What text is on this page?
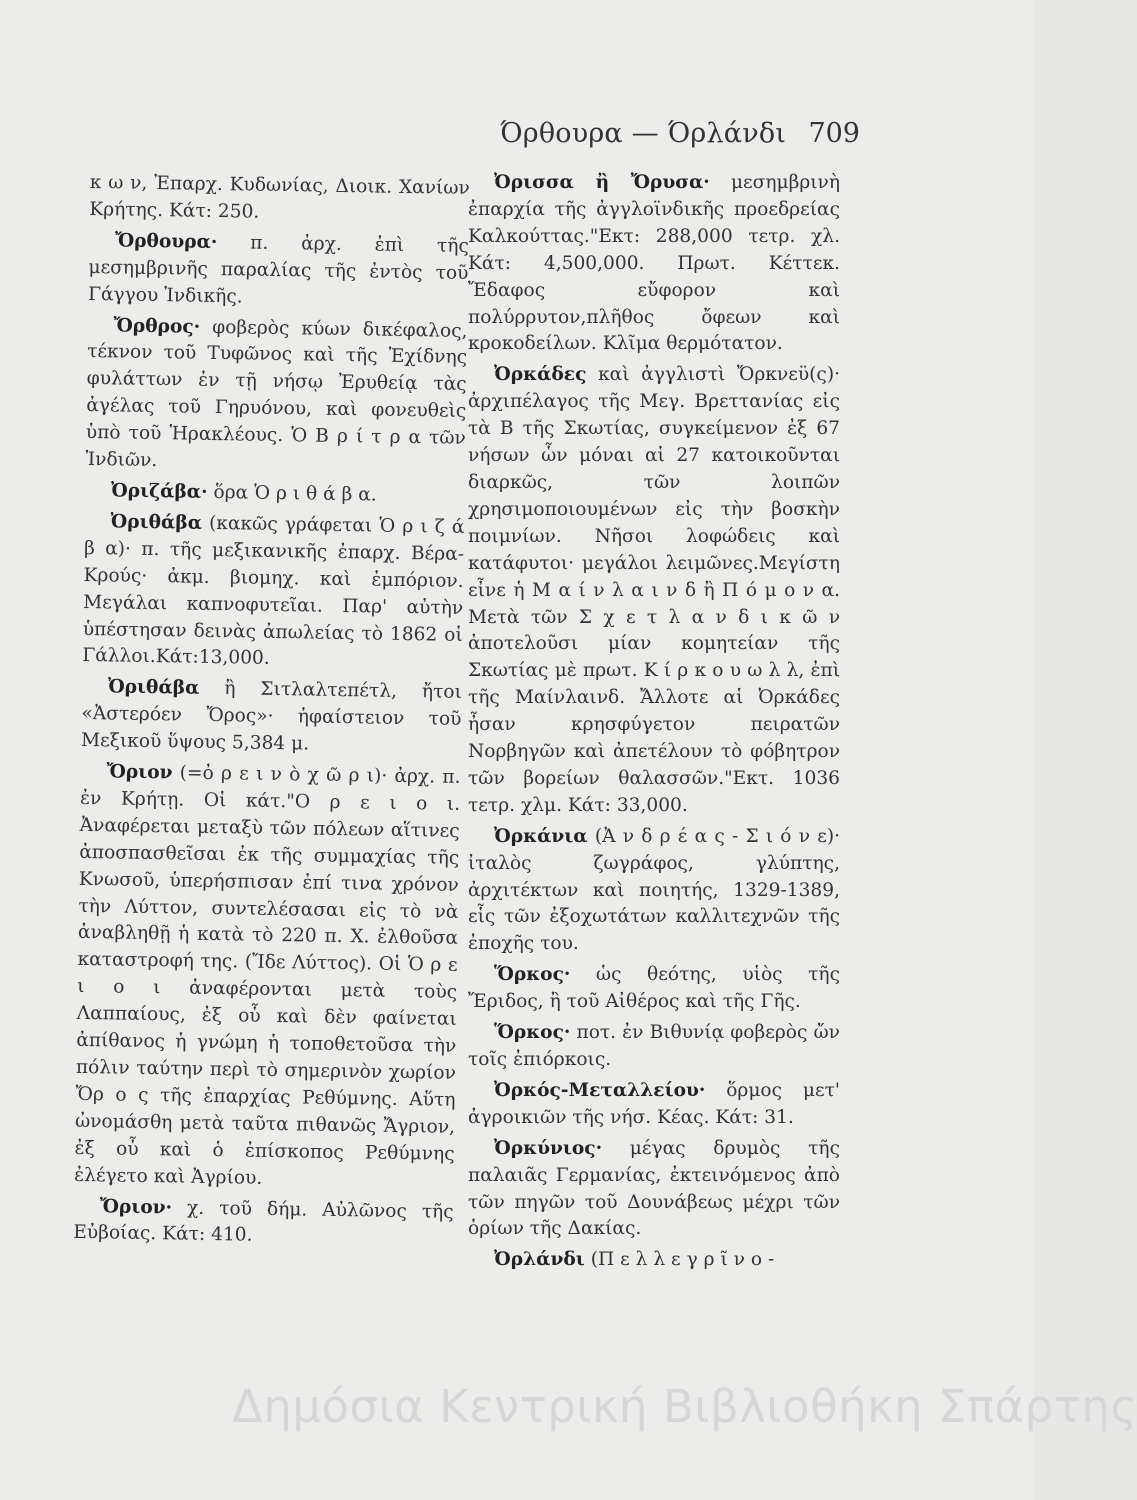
Όρθουρα — Όρλάνδι 709

κ ω ν, Ἐπαρχ. Κυδωνίας, Διοικ. Χανίων Κρήτης. Κάτ: 250.

Ὄρθουρα· π. ἀρχ. ἐπὶ τῆς μεσημβρινῆς παραλίας τῆς ἐντὸς τοῦ Γάγγου Ἰνδικῆς.

Ὄρθρος· φοβερὸς κύων δικέφαλος, τέκνον τοῦ Τυφῶνος καὶ τῆς Ἐχίδνης φυλάττων ἐν τῇ νήσῳ Ἐρυθείᾳ τὰς ἀγέλας τοῦ Γηρυόνου, καὶ φονευθεὶς ὑπὸ τοῦ Ἡρακλέους. Ὁ Β ρ ί τ ρ α τῶν Ἰνδιῶν.

Ὀριζάβα· ὅρα Ὁ ρ ι θ ά β α.

Ὀριθάβα (κακῶς γράφεται Ὁ ρ ι ζ ά β α)· π. τῆς μεξικανικῆς ἐπαρχ. Βέρα-Κρούς· ἀκμ. βιομηχ. καὶ ἐμπόριον. Μεγάλαι καπνοφυτεῖαι. Παρ' αὐτὴν ὑπέστησαν δεινὰς ἀπωλείας τὸ 1862 οἱ Γάλλοι.Κάτ:13,000.

Ὀριθάβα ἢ Σιτλαλτεπέτλ, ἤτοι «Ἀστερόεν Ὄρος»· ἡφαίστειον τοῦ Μεξικοῦ ὕψους 5,384 μ.

Ὄριον (=ὀ ρ ε ι ν ὸ χ ῶ ρ ι)· ἀρχ. π. ἐν Κρήτῃ. Οἱ κάτ."Ο ρ ε ι ο ι. Ἀναφέρεται μεταξὺ τῶν πόλεων αἵτινες ἀποσπασθεῖσαι ἐκ τῆς συμμαχίας τῆς Κνωσοῦ, ὑπερήσπισαν ἐπί τινα χρόνον τὴν Λύττον, συντελέσασαι εἰς τὸ νὰ ἀναβληθῇ ἡ κατὰ τὸ 220 π. Χ. ἐλθοῦσα καταστροφή της. (Ἴδε Λύττος). Οἱ Ὁ ρ ε ι ο ι ἀναφέρονται μετὰ τοὺς Λαππαίους, ἐξ οὗ καὶ δὲν φαίνεται ἀπίθανος ἡ γνώμη ἡ τοποθετοῦσα τὴν πόλιν ταύτην περὶ τὸ σημερινὸν χωρίον Ὄρ ο ς τῆς ἐπαρχίας Ρεθύμνης. Αὕτη ὠνομάσθη μετὰ ταῦτα πιθανῶς Ἄγριον, ἐξ οὗ καὶ ὁ ἐπίσκοπος Ρεθύμνης ἐλέγετο καὶ Ἀγρίου.

Ὄριον· χ. τοῦ δήμ. Αὐλῶνος τῆς Εὐβοίας. Κάτ: 410.

Ὀρισσα ἢ Ὄρυσα· μεσημβρινὴ ἐπαρχία τῆς ἀγγλοϊνδικῆς προεδρείας Καλκούττας."Εκτ: 288,000 τετρ. χλ. Κάτ: 4,500,000. Πρωτ. Κέττεκ. Ἔδαφος εὔφορον καὶ πολύρρυτον,πλῆθος ὄφεων καὶ κροκοδείλων. Κλῖμα θερμότατον.

Ὀρκάδες καὶ ἀγγλιστὶ Ὄρκνεϋ(ς)· ἀρχιπέλαγος τῆς Μεγ. Βρεττανίας εἰς τὰ Β τῆς Σκωτίας, συγκείμενον ἐξ 67 νήσων ὧν μόναι αἱ 27 κατοικοῦνται διαρκῶς, τῶν λοιπῶν χρησιμοποιουμένων εἰς τὴν βοσκὴν ποιμνίων. Νῆσοι λοφώδεις καὶ κατάφυτοι· μεγάλοι λειμῶνες.Μεγίστη εἶνε ἡ Μ α ί ν λ α ι ν δ ἢ Π ό μ ο ν α. Μετὰ τῶν Σ χ ε τ λ α ν δ ι κ ῶ ν ἀποτελοῦσι μίαν κομητείαν τῆς Σκωτίας μὲ πρωτ. Κ ί ρ κ ο υ ω λ λ, ἐπὶ τῆς Μαίνλαινδ. Ἄλλοτε αἱ Ὀρκάδες ἦσαν κρησφύγετον πειρατῶν Νορβηγῶν καὶ ἀπετέλουν τὸ φόβητρον τῶν βορείων θαλασσῶν."Εκτ. 1036 τετρ. χλμ. Κάτ: 33,000.

Ὀρκάνια (Ἀ ν δ ρ έ α ς - Σ ι ό ν ε)· ἰταλὸς ζωγράφος, γλύπτης, ἀρχιτέκτων καὶ ποιητής, 1329-1389, εἷς τῶν ἐξοχωτάτων καλλιτεχνῶν τῆς ἐποχῆς του.

Ὅρκος· ὡς θεότης, υἱὸς τῆς Ἔριδος, ἢ τοῦ Αἰθέρος καὶ τῆς Γῆς.

Ὅρκος· ποτ. ἐν Βιθυνίᾳ φοβερὸς ὤν τοῖς ἐπιόρκοις.

Ὀρκός-Μεταλλείου· ὅρμος μετ' ἀγροικιῶν τῆς νήσ. Κέας. Κάτ: 31.

Ὀρκύνιος· μέγας δρυμὸς τῆς παλαιᾶς Γερμανίας, ἐκτεινόμενος ἀπὸ τῶν πηγῶν τοῦ Δουνάβεως μέχρι τῶν ὁρίων τῆς Δακίας.

Ὀρλάνδι (Π ε λ λ ε γ ρ ῖ ν ο -

Δημόσια Κεντρική Βιβλιοθήκη Σπάρτης
